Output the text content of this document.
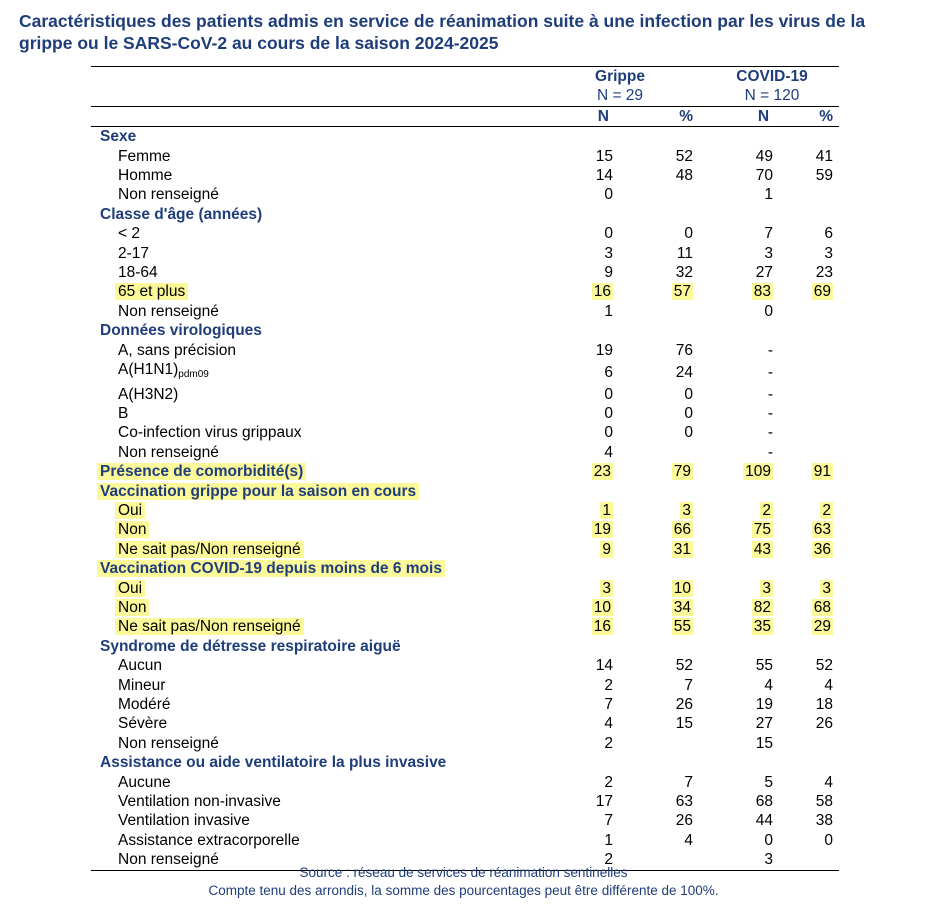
Caractéristiques des patients admis en service de réanimation suite à une infection par les virus de la grippe ou le SARS-CoV-2 au cours de la saison 2024-2025
	Grippe		COVID-19	
	N = 29		N = 120	
	N	%	N	%
Sexe				
Femme	15	52	49	41
Homme	14	48	70	59
Non renseigné	0		1	
Classe d'âge (années)				
< 2	0	0	7	6
2-17	3	11	3	3
18-64	9	32	27	23
65 et plus	16	57	83	69
Non renseigné	1		0	
Données virologiques				
A, sans précision	19	76	-	
$A(H1N1)_{pdm09}$	6	24	-	
A(H3N2)	0	0	-	
B	0	0	-	
Co-infection virus grippaux	0	0	-	
Non renseigné	4		-	
Présence de comorbidité(s)	23	79	109	91
Vaccination grippe pour la saison en cours				
Oui	1	3	2	2
Non	19	66	75	63
Ne sait pas/Non renseigné	9	31	43	36
Vaccination COVID-19 depuis moins de 6 mois				
Oui	3	10	3	3
Non	10	34	82	68
Ne sait pas/Non renseigné	16	55	35	29
Syndrome de détresse respiratoire aiguë				
Aucun	14	52	55	52
Mineur	2	7	4	4
Modéré	7	26	19	18
Sévère	4	15	27	26
Non renseigné	2		15	
Assistance ou aide ventilatoire la plus invasive				
Aucune	2	7	5	4
Ventilation non-invasive	17	63	68	58
Ventilation invasive	7	26	44	38
Assistance extracorporelle	1	4	0	0
Non renseigné	2		3	
Source : réseau de services de réanimation sentinelles
Compte tenu des arrondis, la somme des pourcentages peut être différente de 100%.
